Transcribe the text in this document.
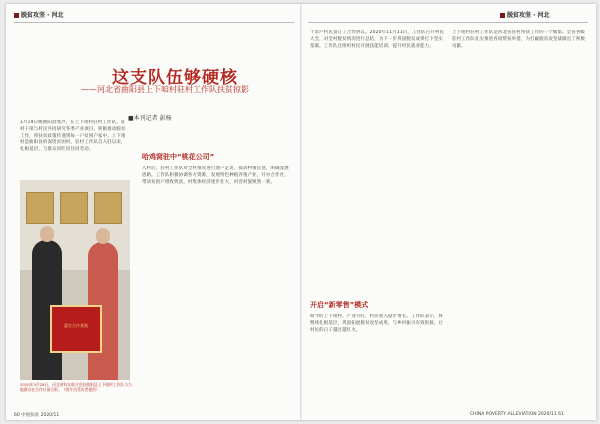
脱贫攻坚 · 河北
这支队伍够硬核
——河北省曲阳县上下咱村驻村工作队扶贫掠影
■本刊记者 彭杨
1月19日晚曲阳县寒冷，在上下咱村驻村工作队，驻村干部与村民共同研究冬季产业项目，积极推动脱贫工作，将扶贫政策传递到每一户贫困户家中。上下咱村是曲阳县的深度贫困村，驻村工作队自入驻以来，扎根基层，与群众同吃同住同劳动。
惠农合作基地
2020年3月28日，河北省妇女联合会驻曲阳县上下咱村工作队与当地群众在合作社前合影。（图片由受访者提供）
哈鸡窝驻中“桃花公司”
入村后，驻村工作队对全村情况进行逐户走访，摸清村情民意，明确发展思路。工作队积极协调各方资源，发展特色种植养殖产业，开办合作社，带动贫困户增收致富，村集体经济逐步壮大，村容村貌焕然一新。
60 中国扶贫 2020/11
脱贫攻坚 · 河北
十余户村民签订了合作协议。2020年11月11日，工作队召开村民大会，对全村脱贫情况进行总结，为下一步巩固脱贫成果打下坚实基础。工作队还组织村民开展技能培训，提升村民就业能力。
开启“新零售”模式
如今的上下咱村，产业兴旺，村民收入稳步增长。工作队表示，将继续扎根基层，巩固拓展脱贫攻坚成果，与乡村振兴有效衔接，让村民的日子越过越红火。
上下咱村驻村工作队是河北省驻村帮扶工作的一个缩影。全省各级驻村工作队扎实推进各项帮扶举措，为打赢脱贫攻坚战做出了积极贡献。
CHINA POVERTY ALLEVIATION 2020/11 61
